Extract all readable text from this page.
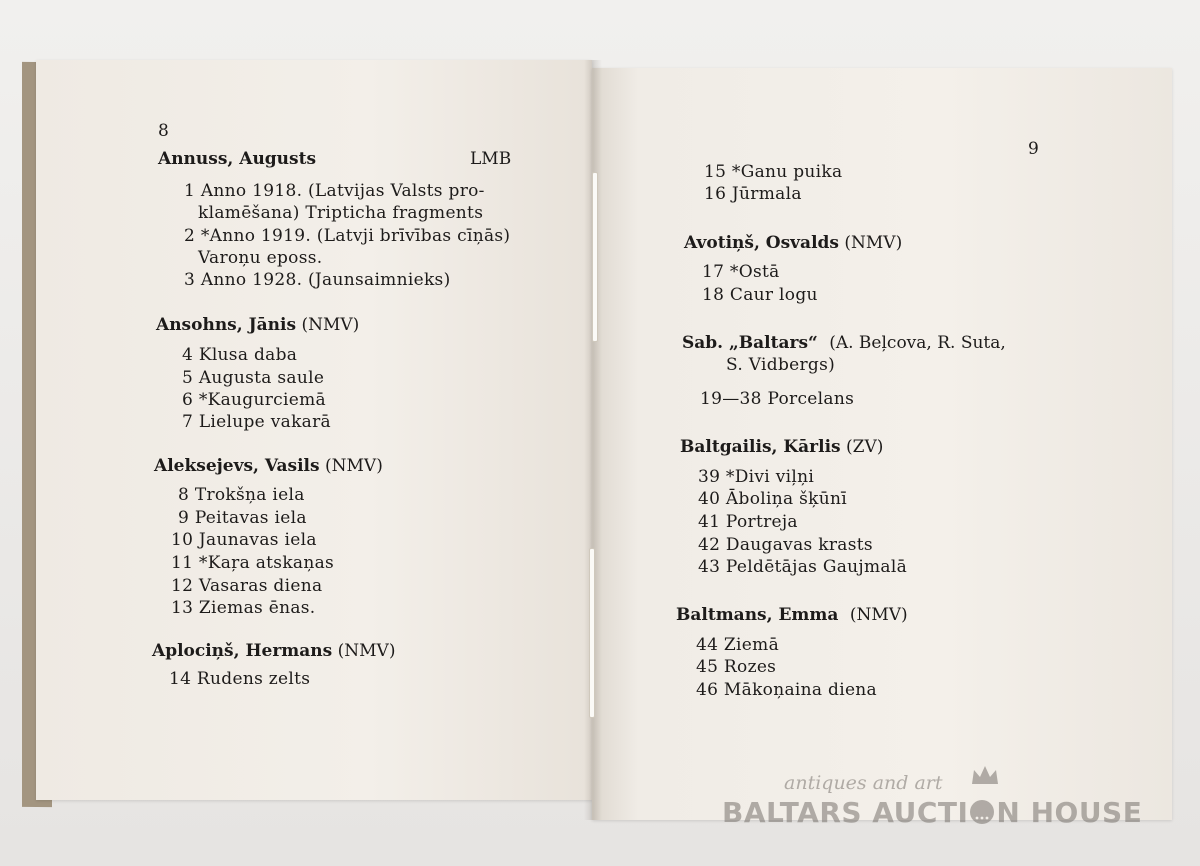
8
Annuss, Augusts	LMB
1 Anno 1918. (Latvijas Valsts pro-
klamēšana) Tripticha fragments
2 *Anno 1919. (Latvji brīvības cīņās)
Varoņu eposs.
3 Anno 1928. (Jaunsaimnieks)
Ansohns, Jānis (NMV)
4 Klusa daba
5 Augusta saule
6 *Kaugurciemā
7 Lielupe vakarā
Aleksejevs, Vasils (NMV)
8 Trokšņa iela
9 Peitavas iela
10 Jaunavas iela
11 *Kaŗa atskaņas
12 Vasaras diena
13 Ziemas ēnas.
Aplociņš, Hermans (NMV)
14 Rudens zelts
9
15 *Ganu puika
16 Jūrmala
Avotiņš, Osvalds (NMV)
17 *Ostā
18 Caur logu
Sab. „Baltars“ (A. Beļcova, R. Suta,
S. Vidbergs)
19—38 Porcelans
Baltgailis, Kārlis (ZV)
39 *Divi viļņi
40 Āboliņa šķūnī
41 Portreja
42 Daugavas krasts
43 Peldētājas Gaujmalā
Baltmans, Emma (NMV)
44 Ziemā
45 Rozes
46 Mākoņaina diena
antiques and art
BALTARS AUCTI N HOUSE
